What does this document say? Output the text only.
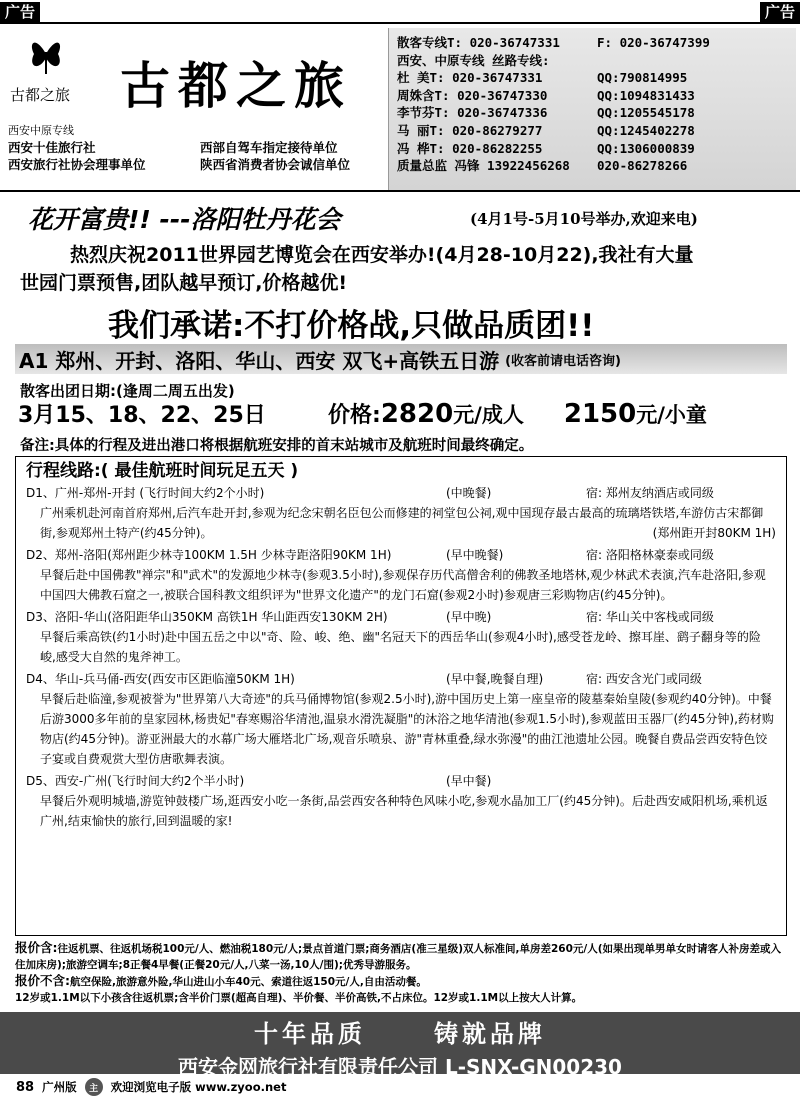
广告	广告
古都之旅 古都之旅
西安中原专线
西安十佳旅行社
西安旅行社协会理事单位
西部自驾车指定接待单位
陕西省消费者协会诚信单位
散客专线T: 020-36747331	F: 020-36747399
西安、中原专线 丝路专线:
杜 美T: 020-36747331	QQ:790814995
周姝含T: 020-36747330	QQ:1094831433
李节芬T: 020-36747336	QQ:1205545178
马 丽T: 020-86279277	QQ:1245402278
冯 桦T: 020-86282255	QQ:1306000839
质量总监 冯锋 13922456268	020-86278266
花开富贵!! ---洛阳牡丹花会	(4月1号-5月10号举办,欢迎来电)
热烈庆祝2011世界园艺博览会在西安举办!(4月28-10月22),我社有大量
世园门票预售,团队越早预订,价格越优!
我们承诺:不打价格战,只做品质团!!
A1 郑州、开封、洛阳、华山、西安 双飞+高铁五日游 (收客前请电话咨询)
散客出团日期:(逢周二周五出发)
3月15、18、22、25日	价格: 2820 元/成人 2150 元/小童
备注:具体的行程及进出港口将根据航班安排的首末站城市及航班时间最终确定。
行程线路:( 最佳航班时间玩足五天 )
D1、广州-郑州-开封 (飞行时间大约2个小时)	(中晚餐)	宿: 郑州友纳酒店或同级
广州乘机赴河南首府郑州,后汽车赴开封,参观为纪念宋朝名臣包公而修建的祠堂包公祠,观中国现存最古最高的琉璃塔铁塔,车游仿古宋都御街,参观郑州土特产(约45分钟)。	(郑州距开封80KM 1H)
D2、郑州-洛阳(郑州距少林寺100KM 1.5H 少林寺距洛阳90KM 1H)	(早中晚餐)	宿: 洛阳格林豪泰或同级
早餐后赴中国佛教"禅宗"和"武术"的发源地少林寺(参观3.5小时),参观保存历代高僧舍利的佛教圣地塔林,观少林武术表演,汽车赴洛阳,参观中国四大佛教石窟之一,被联合国科教文组织评为"世界文化遗产"的龙门石窟(参观2小时)参观唐三彩购物店(约45分钟)。
D3、洛阳-华山(洛阳距华山350KM 高铁1H 华山距西安130KM 2H)	(早中晚)	宿: 华山关中客栈或同级
早餐后乘高铁(约1小时)赴中国五岳之中以"奇、险、峻、绝、幽"名冠天下的西岳华山(参观4小时),感受苍龙岭、擦耳崖、鹞子翻身等的险峻,感受大自然的鬼斧神工。
D4、华山-兵马俑-西安(西安市区距临潼50KM 1H)	(早中餐,晚餐自理)	宿: 西安含光门或同级
早餐后赴临潼,参观被誉为"世界第八大奇迹"的兵马俑博物馆(参观2.5小时),游中国历史上第一座皇帝的陵墓秦始皇陵(参观约40分钟)。中餐后游3000多年前的皇家园林,杨贵妃"春寒赐浴华清池,温泉水滑洗凝脂"的沐浴之地华清池(参观1.5小时),参观蓝田玉器厂(约45分钟),药材购物店(约45分钟)。游亚洲最大的水幕广场大雁塔北广场,观音乐喷泉、游"青林重叠,绿水弥漫"的曲江池遗址公园。晚餐自费品尝西安特色饺子宴或自费观赏大型仿唐歌舞表演。
D5、西安-广州(飞行时间大约2个半小时)	(早中餐)
早餐后外观明城墙,游览钟鼓楼广场,逛西安小吃一条街,品尝西安各种特色风味小吃,参观水晶加工厂(约45分钟)。后赴西安咸阳机场,乘机返广州,结束愉快的旅行,回到温暖的家!
报价含:往返机票、往返机场税100元/人、燃油税180元/人;景点首道门票;商务酒店(准三星级)双人标准间,单房差260元/人(如果出现单男单女时请客人补房差或入住加床房);旅游空调车;8正餐4早餐(正餐20元/人,八菜一汤,10人/围);优秀导游服务。
报价不含:航空保险,旅游意外险,华山进山小车40元、索道往返150元/人,自由活动餐。
12岁或1.1M以下小孩含往返机票;含半价门票(超高自理)、半价餐、半价高铁,不占床位。12岁或1.1M以上按大人计算。
十年品质	铸就品牌
西安金网旅行社有限责任公司 L-SNX-GN00230
88 广州版	主	欢迎浏览电子版 www.zyoo.net
